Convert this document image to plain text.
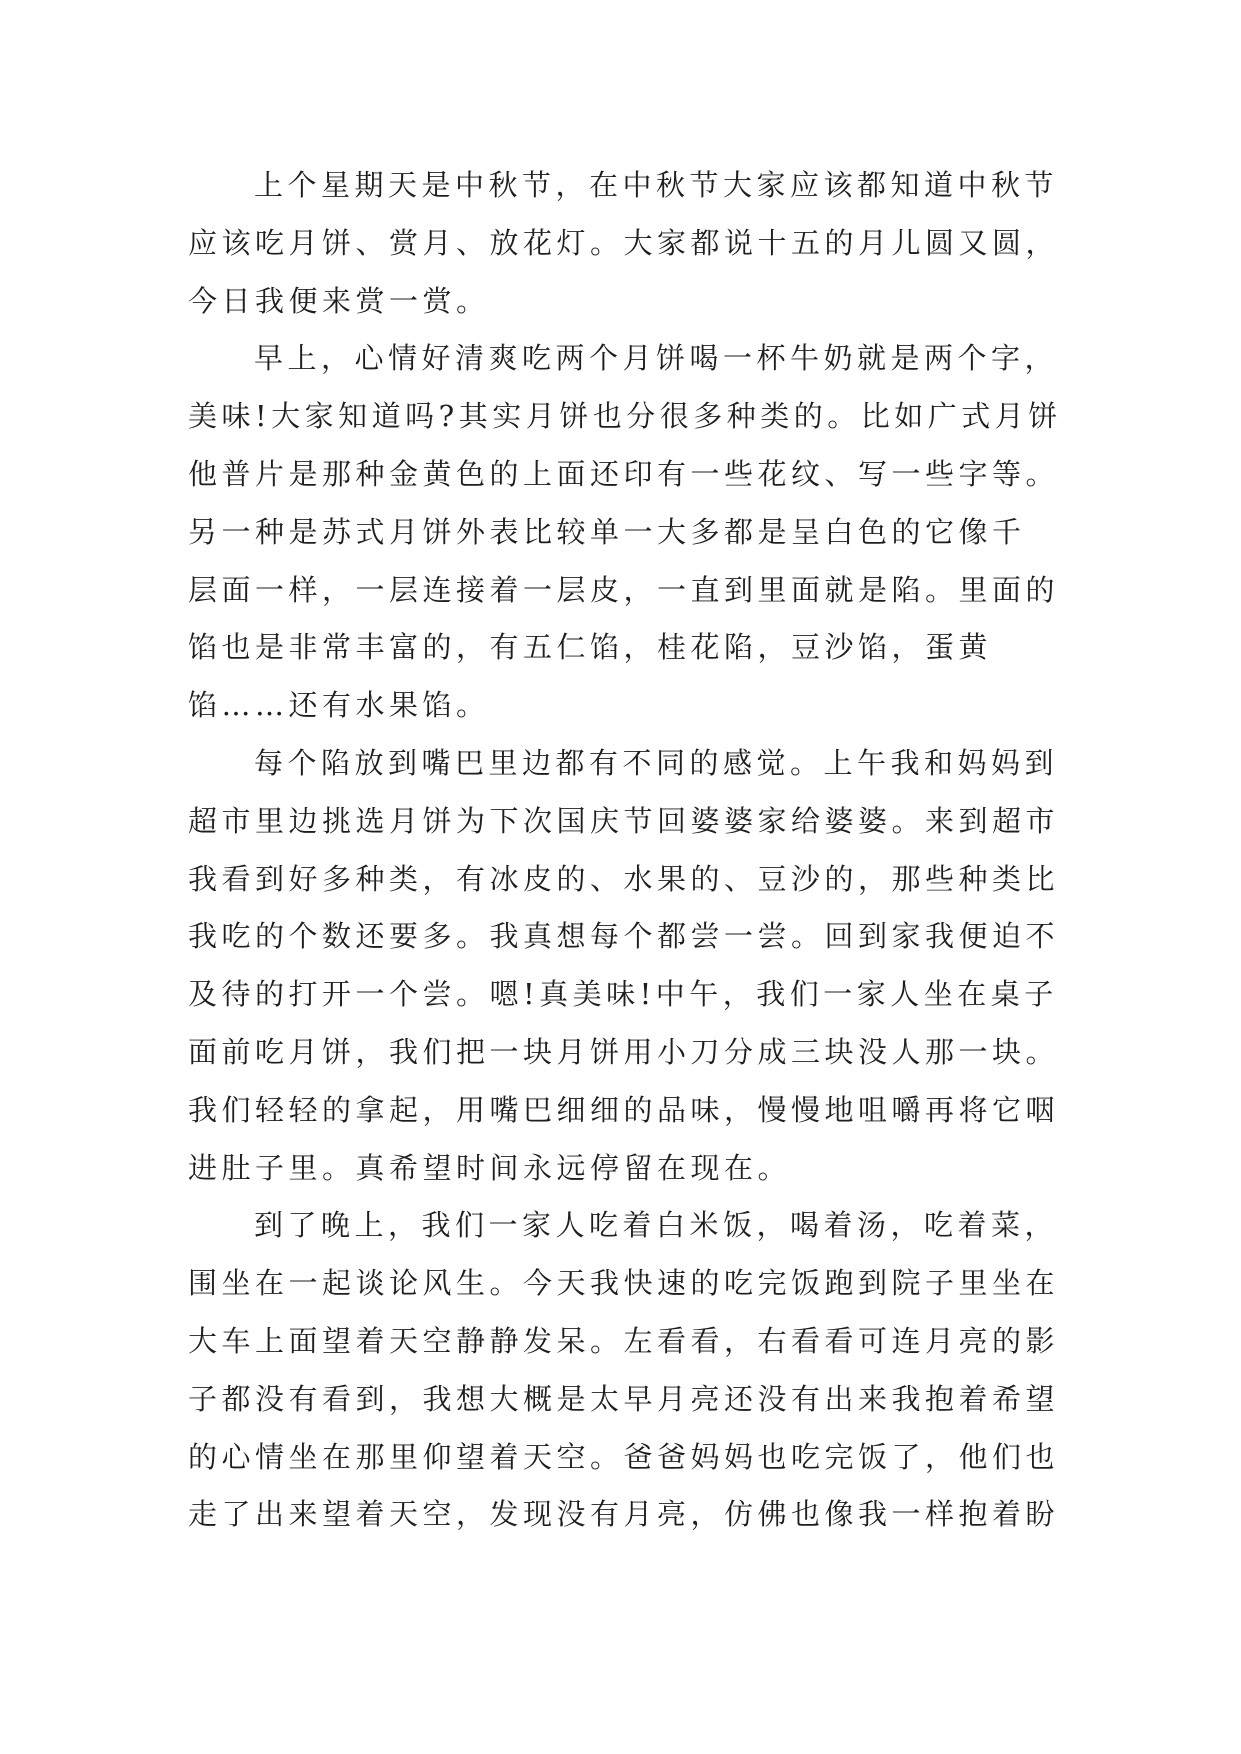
上个星期天是中秋节，在中秋节大家应该都知道中秋节
应该吃月饼、赏月、放花灯。大家都说十五的月儿圆又圆，
今日我便来赏一赏。
早上，心情好清爽吃两个月饼喝一杯牛奶就是两个字，
美味!大家知道吗?其实月饼也分很多种类的。比如广式月饼
他普片是那种金黄色的上面还印有一些花纹、写一些字等。
另一种是苏式月饼外表比较单一大多都是呈白色的它像千
层面一样，一层连接着一层皮，一直到里面就是陷。里面的
馅也是非常丰富的，有五仁馅，桂花陷，豆沙馅，蛋黄
馅……还有水果馅。
每个陷放到嘴巴里边都有不同的感觉。上午我和妈妈到
超市里边挑选月饼为下次国庆节回婆婆家给婆婆。来到超市
我看到好多种类，有冰皮的、水果的、豆沙的，那些种类比
我吃的个数还要多。我真想每个都尝一尝。回到家我便迫不
及待的打开一个尝。嗯!真美味!中午，我们一家人坐在桌子
面前吃月饼，我们把一块月饼用小刀分成三块没人那一块。
我们轻轻的拿起，用嘴巴细细的品味，慢慢地咀嚼再将它咽
进肚子里。真希望时间永远停留在现在。
到了晚上，我们一家人吃着白米饭，喝着汤，吃着菜，
围坐在一起谈论风生。今天我快速的吃完饭跑到院子里坐在
大车上面望着天空静静发呆。左看看，右看看可连月亮的影
子都没有看到，我想大概是太早月亮还没有出来我抱着希望
的心情坐在那里仰望着天空。爸爸妈妈也吃完饭了，他们也
走了出来望着天空，发现没有月亮，仿佛也像我一样抱着盼
